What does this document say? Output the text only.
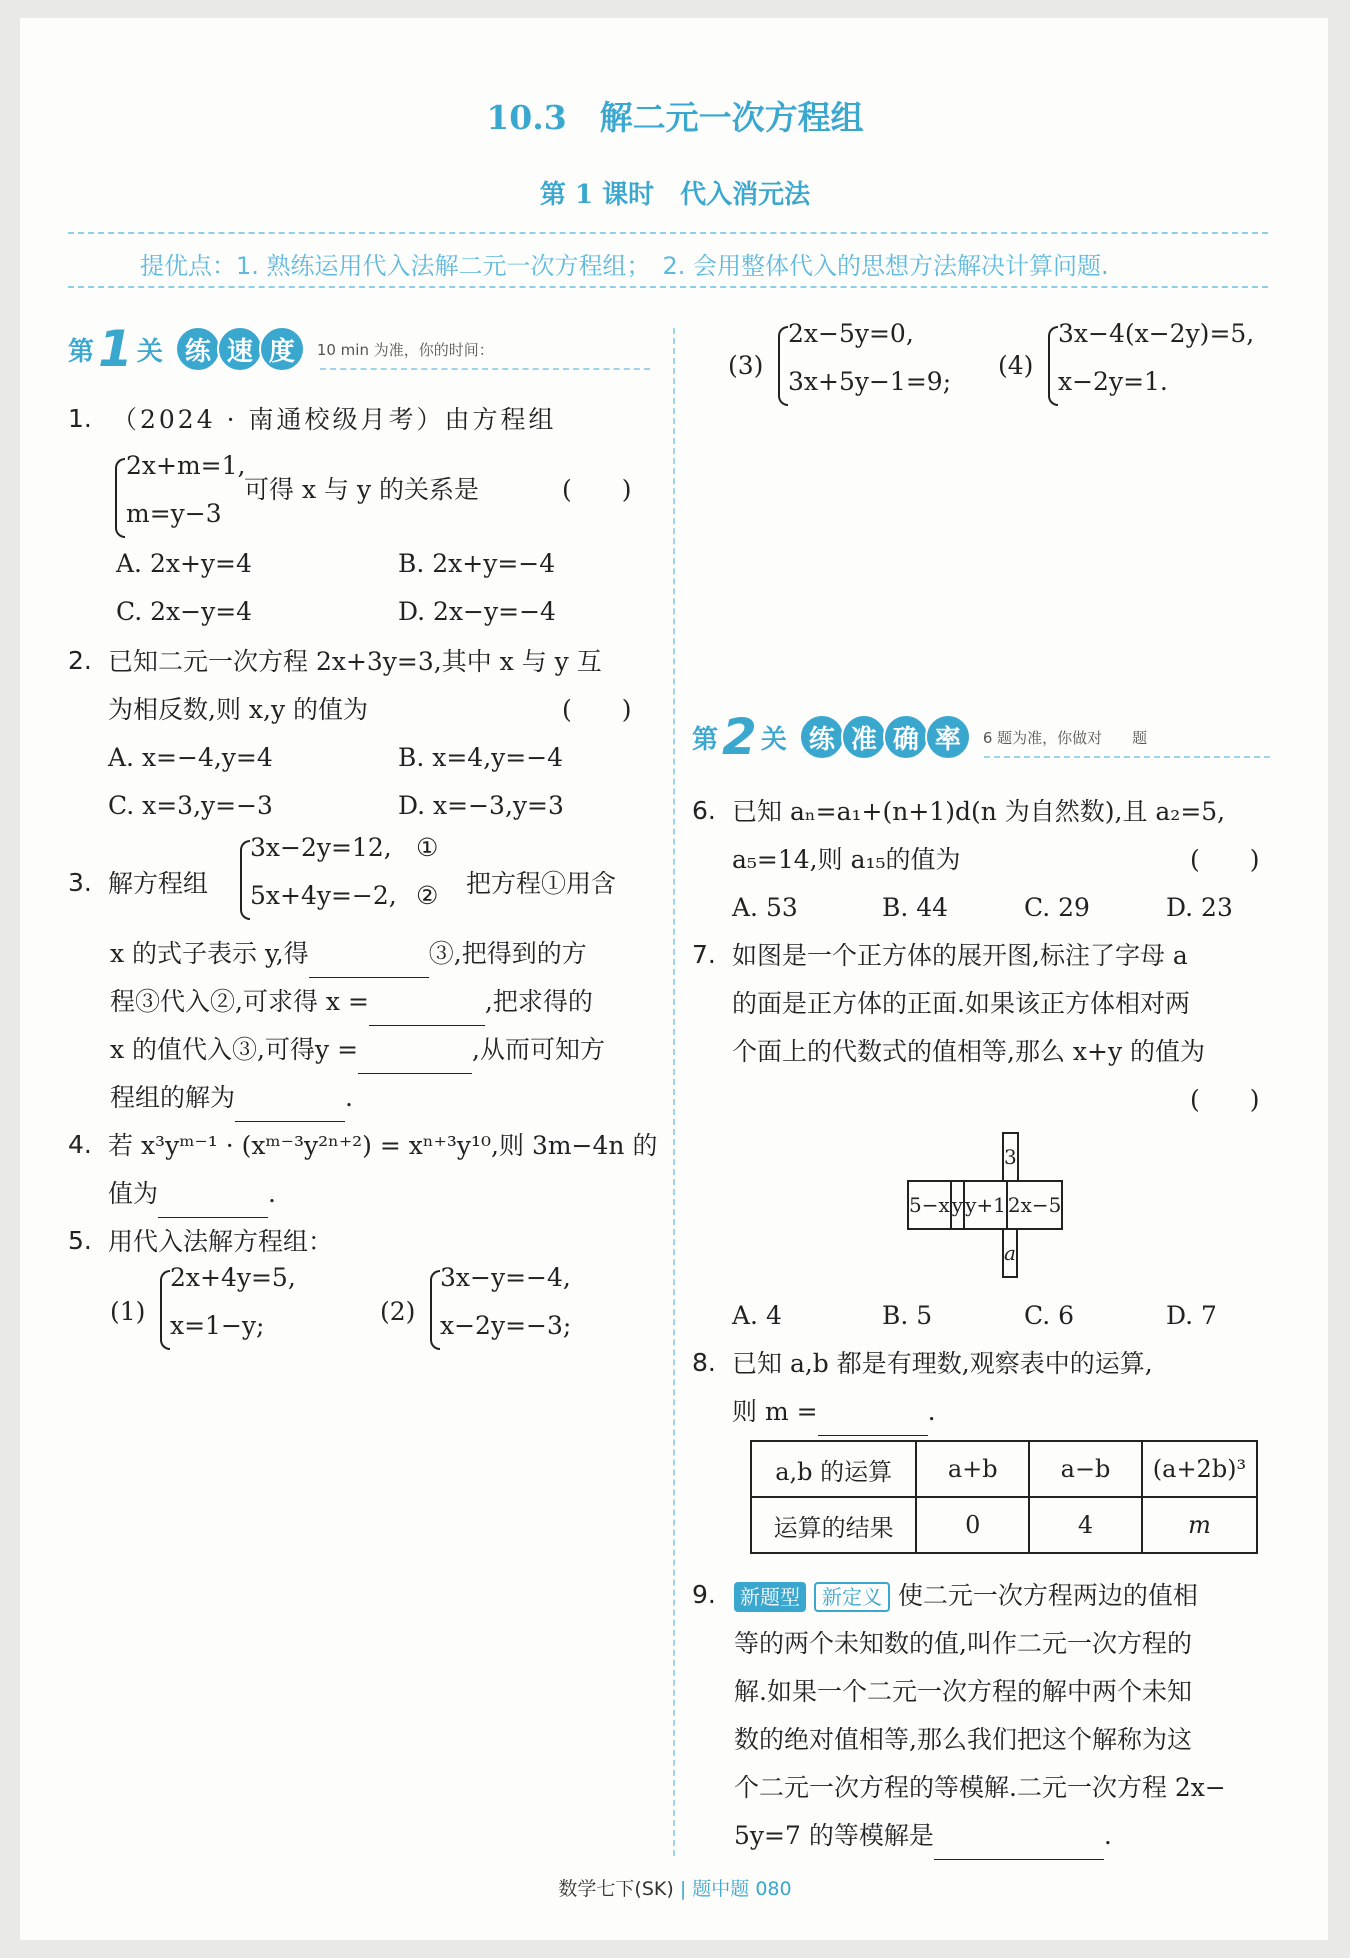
10.3　解二元一次方程组
第 1 课时　代入消元法
提优点：1. 熟练运用代入法解二元一次方程组；　2. 会用整体代入的思想方法解决计算问题.
第 1 关 练 速 度	10 min 为准，你的时间：
1. （2024 · 南通校级月考）由方程组
2x+m=1,
m=y−3
可得 x 与 y 的关系是	(　　)
A. 2x+y=4	B. 2x+y=−4
C. 2x−y=4	D. 2x−y=−4
2. 已知二元一次方程 2x+3y=3,其中 x 与 y 互
为相反数,则 x,y 的值为	(　　)
A. x=−4,y=4	B. x=4,y=−4
C. x=3,y=−3	D. x=−3,y=3
3. 解方程组
3x−2y=12,
5x+4y=−2,
①
② 把方程①用含
x 的式子表示 y,得	③,把得到的方
程③代入②,可求得 x =	,把求得的
x 的值代入③,可得y =	,从而可知方
程组的解为	.
4. 若 x³yᵐ⁻¹ · (xᵐ⁻³y²ⁿ⁺²) = xⁿ⁺³y¹⁰,则 3m−4n 的
值为	.
5. 用代入法解方程组：
(1)
2x+4y=5,
x=1−y;	(2)
3x−y=−4,
x−2y=−3;
(3)
2x−5y=0,
3x+5y−1=9;
(4)
3x−4(x−2y)=5,
x−2y=1.
第 2 关 练 准 确 率	6 题为准，你做对　　题
6. 已知 aₙ=a₁+(n+1)d(n 为自然数),且 a₂=5,
a₅=14,则 a₁₅的值为	(　　)
A. 53	B. 44	C. 29	D. 23
7. 如图是一个正方体的展开图,标注了字母 a
的面是正方体的正面.如果该正方体相对两
个面上的代数式的值相等,那么 x+y 的值为
(　　)
3
5−x	y	y+1	2x−5
a
A. 4	B. 5	C. 6	D. 7
8. 已知 a,b 都是有理数,观察表中的运算,
则 m =	.
a,b 的运算	a+b	a−b	(a+2b)³
运算的结果	0	4	m
9.	新题型 新定义 使二元一次方程两边的值相
等的两个未知数的值,叫作二元一次方程的
解.如果一个二元一次方程的解中两个未知
数的绝对值相等,那么我们把这个解称为这
个二元一次方程的等模解.二元一次方程 2x−
5y=7 的等模解是	.
数学七下(SK) | 题中题 080
